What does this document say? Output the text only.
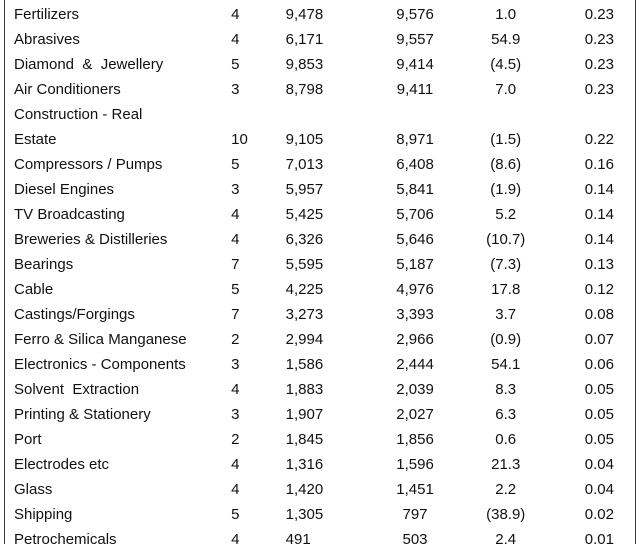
Fertilizers	4	9,478	9,576	1.0	0.23
Abrasives	4	6,171	9,557	54.9	0.23
Diamond  &  Jewellery	5	9,853	9,414	(4.5)	0.23
Air Conditioners	3	8,798	9,411	7.0	0.23
Construction - Real					
Estate	10	9,105	8,971	(1.5)	0.22
Compressors / Pumps	5	7,013	6,408	(8.6)	0.16
Diesel Engines	3	5,957	5,841	(1.9)	0.14
TV Broadcasting	4	5,425	5,706	5.2	0.14
Breweries & Distilleries	4	6,326	5,646	(10.7)	0.14
Bearings	7	5,595	5,187	(7.3)	0.13
Cable	5	4,225	4,976	17.8	0.12
Castings/Forgings	7	3,273	3,393	3.7	0.08
Ferro & Silica Manganese	2	2,994	2,966	(0.9)	0.07
Electronics - Components	3	1,586	2,444	54.1	0.06
Solvent  Extraction	4	1,883	2,039	8.3	0.05
Printing & Stationery	3	1,907	2,027	6.3	0.05
Port	2	1,845	1,856	0.6	0.05
Electrodes etc	4	1,316	1,596	21.3	0.04
Glass	4	1,420	1,451	2.2	0.04
Shipping	5	1,305	797	(38.9)	0.02
Petrochemicals	4	491	503	2.4	0.01
